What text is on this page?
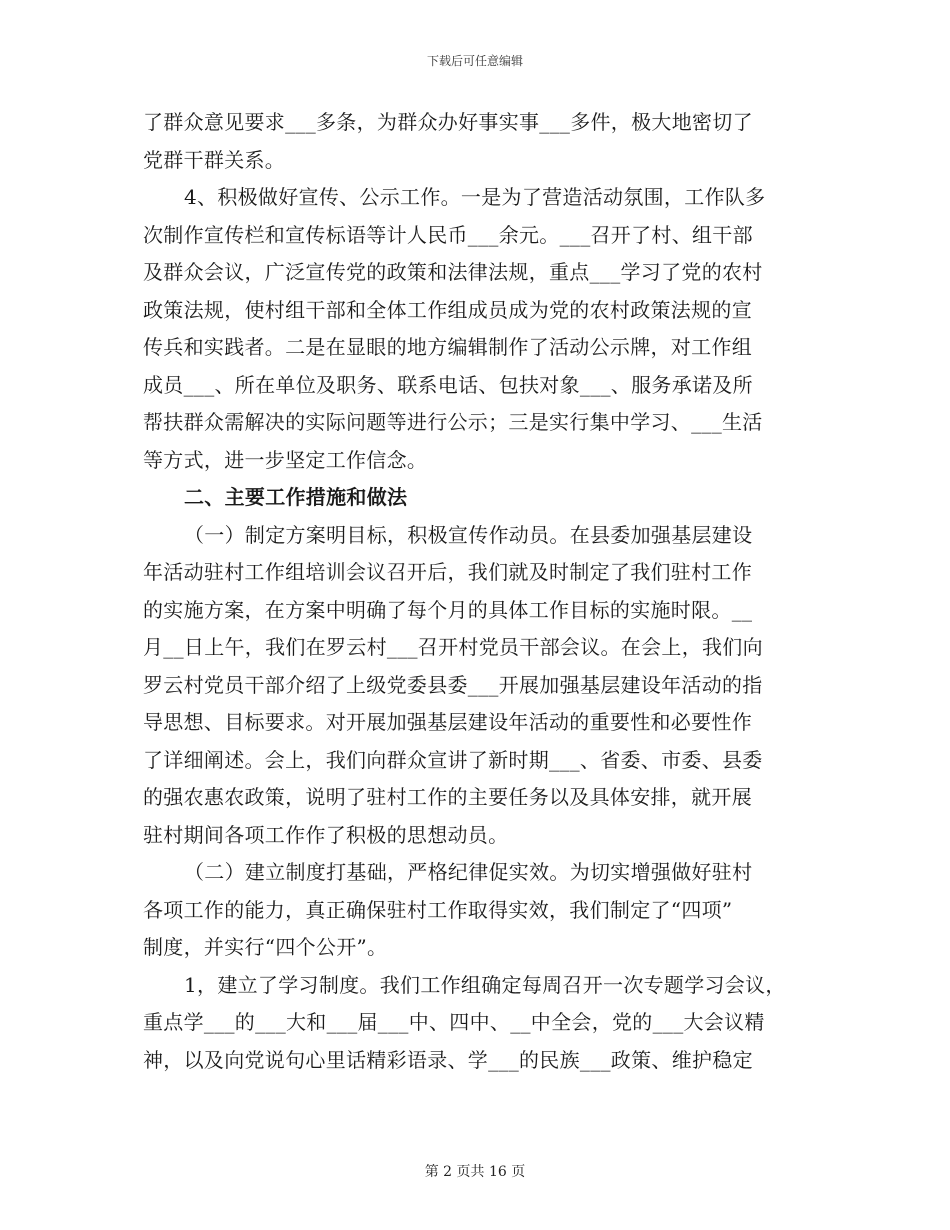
下载后可任意编辑
了群众意见要求___多条，为群众办好事实事___多件，极大地密切了
党群干群关系。
4、积极做好宣传、公示工作。一是为了营造活动氛围，工作队多
次制作宣传栏和宣传标语等计人民币___余元。___召开了村、组干部
及群众会议，广泛宣传党的政策和法律法规，重点___学习了党的农村
政策法规，使村组干部和全体工作组成员成为党的农村政策法规的宣
传兵和实践者。二是在显眼的地方编辑制作了活动公示牌，对工作组
成员___、所在单位及职务、联系电话、包扶对象___、服务承诺及所
帮扶群众需解决的实际问题等进行公示；三是实行集中学习、___生活
等方式，进一步坚定工作信念。
二、主要工作措施和做法
（一）制定方案明目标，积极宣传作动员。在县委加强基层建设
年活动驻村工作组培训会议召开后，我们就及时制定了我们驻村工作
的实施方案，在方案中明确了每个月的具体工作目标的实施时限。__
月__日上午，我们在罗云村___召开村党员干部会议。在会上，我们向
罗云村党员干部介绍了上级党委县委___开展加强基层建设年活动的指
导思想、目标要求。对开展加强基层建设年活动的重要性和必要性作
了详细阐述。会上，我们向群众宣讲了新时期___、省委、市委、县委
的强农惠农政策，说明了驻村工作的主要任务以及具体安排，就开展
驻村期间各项工作作了积极的思想动员。
（二）建立制度打基础，严格纪律促实效。为切实增强做好驻村
各项工作的能力，真正确保驻村工作取得实效，我们制定了“四项”
制度，并实行“四个公开”。
1，建立了学习制度。我们工作组确定每周召开一次专题学习会议，
重点学___的___大和___届___中、四中、__中全会，党的___大会议精
神，以及向党说句心里话精彩语录、学___的民族___政策、维护稳定
第 2 页共 16 页
